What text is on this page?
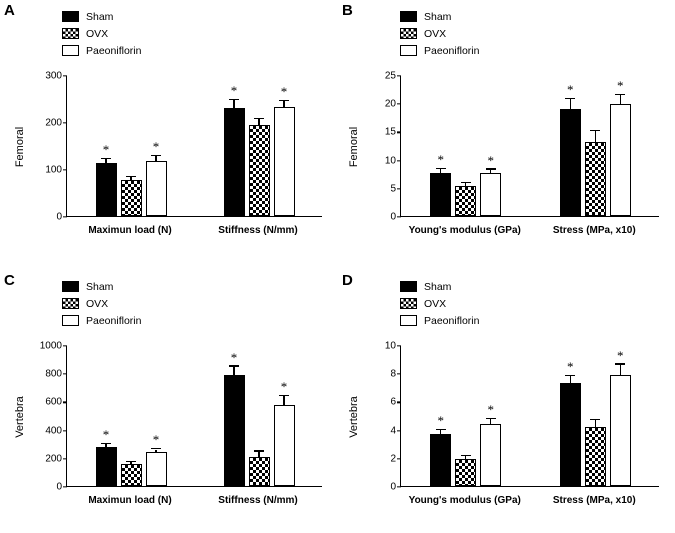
A	Sham
OVX
Paeoniflorin
Femoral	*	*
*	*
0
100
200
300
Maximun load (N)	Stiffness (N/mm)
B	Sham
OVX
Paeoniflorin
Femoral	*	*
*	*
0
5
10
15
20
25
Young's modulus (GPa)	Stress (MPa, x10)
C	Sham
OVX
Paeoniflorin
Vertebra	*	*
*
*
0
200
400
600
800
1000
Maximun load (N)	Stiffness (N/mm)
D	Sham
OVX
Paeoniflorin
Vertebra	*
*
*
*
0
2
4
6
8
10
Young's modulus (GPa)	Stress (MPa, x10)
